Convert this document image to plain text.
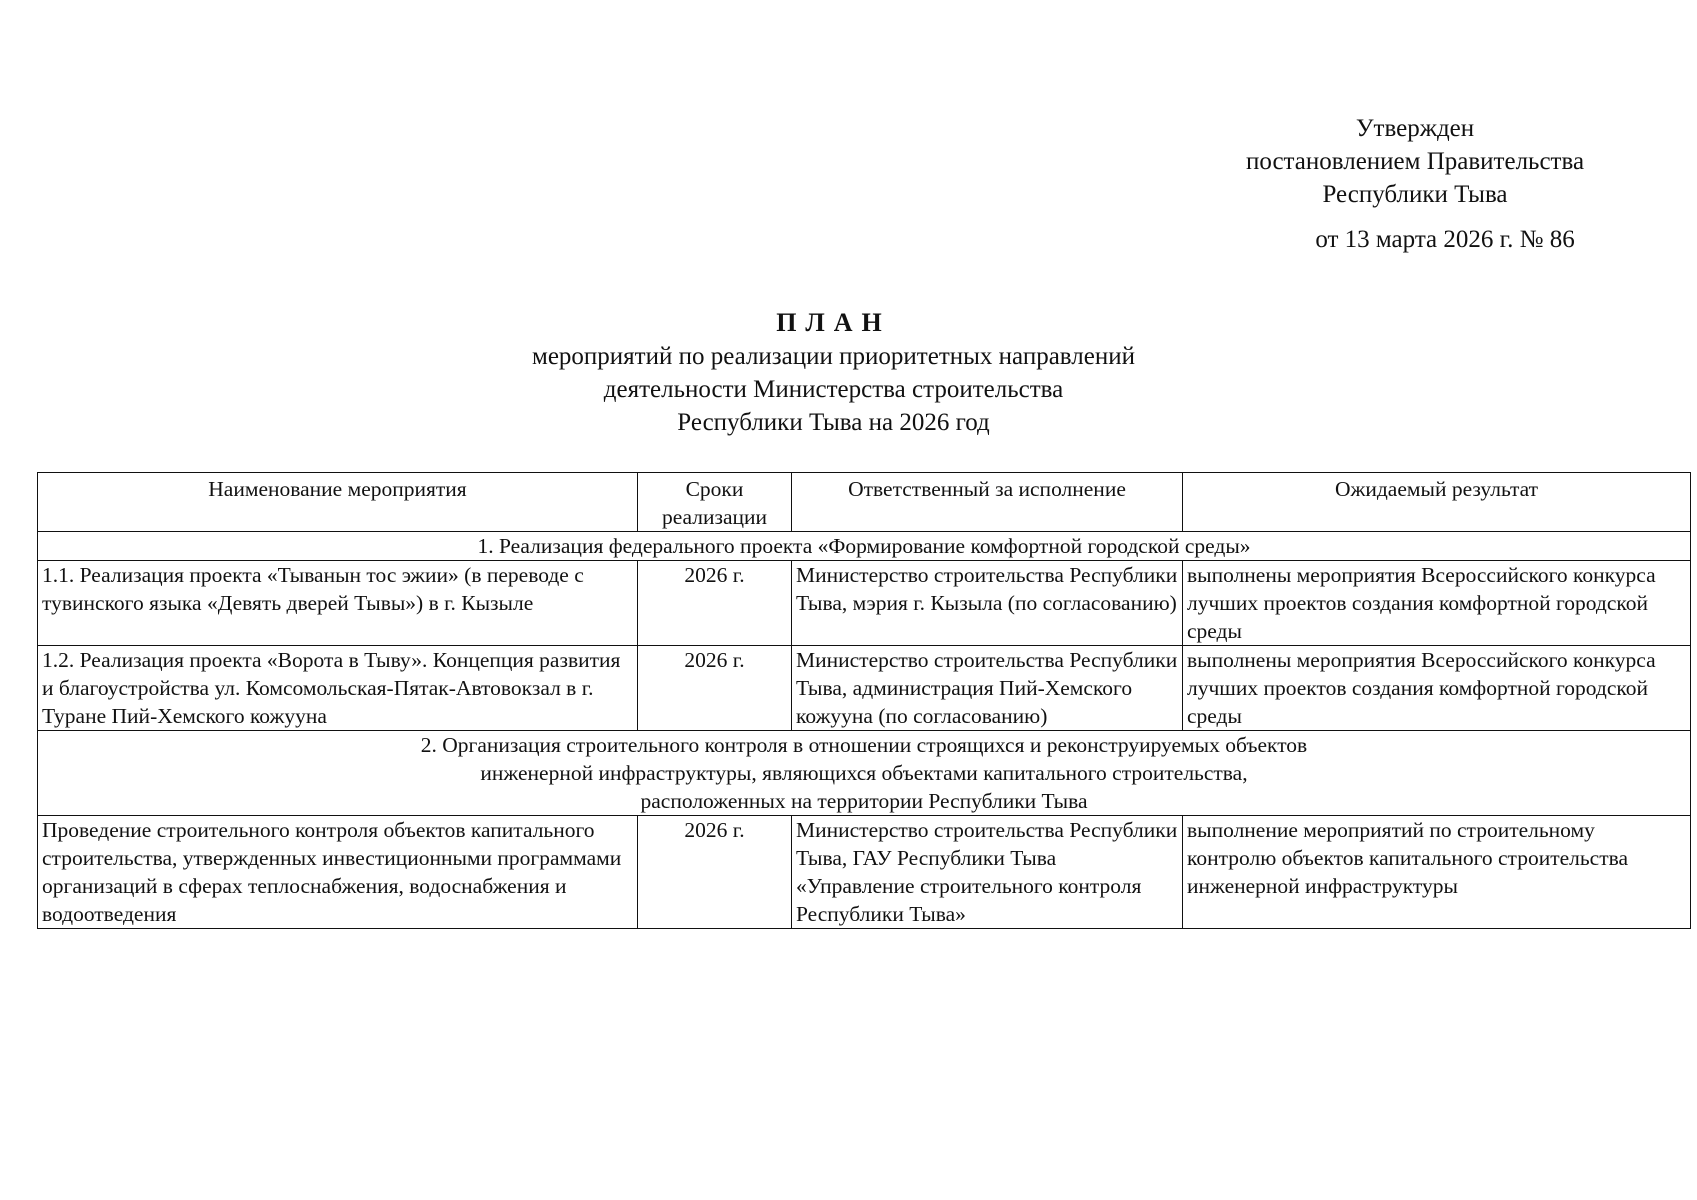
Утвержден
постановлением Правительства
Республики Тыва
от 13 марта 2026 г. № 86
ПЛАН
мероприятий по реализации приоритетных направлений
деятельности Министерства строительства
Республики Тыва на 2026 год
Наименование мероприятия	Сроки реализации	Ответственный за исполнение	Ожидаемый результат
1. Реализация федерального проекта «Формирование комфортной городской среды»			
1.1. Реализация проекта «Тыванын тос эжии» (в переводе с тувинского языка «Девять дверей Тывы») в г. Кызыле	2026 г.	Министерство строительства Республики Тыва, мэрия г. Кызыла (по согласованию)	выполнены мероприятия Всероссийского конкурса лучших проектов создания комфортной городской среды
1.2. Реализация проекта «Ворота в Тыву». Концепция развития и благоустройства ул. Комсомольская-Пятак-Автовокзал в г. Туране Пий-Хемского кожууна	2026 г.	Министерство строительства Республики Тыва, администрация Пий-Хемского кожууна (по согласованию)	выполнены мероприятия Всероссийского конкурса лучших проектов создания комфортной городской среды

2. Организация строительного контроля в отношении строящихся и реконструируемых объектов
инженерной инфраструктуры, являющихся объектами капитального строительства,
расположенных на территории Республики Тыва			

Проведение строительного контроля объектов капитального строительства, утвержденных инвестиционными программами организаций в сферах теплоснабжения, водоснабжения и водоотведения	2026 г.	Министерство строительства Республики Тыва, ГАУ Республики Тыва «Управление строительного контроля Республики Тыва»	выполнение мероприятий по строительному контролю объектов капитального строительства инженерной инфраструктуры
